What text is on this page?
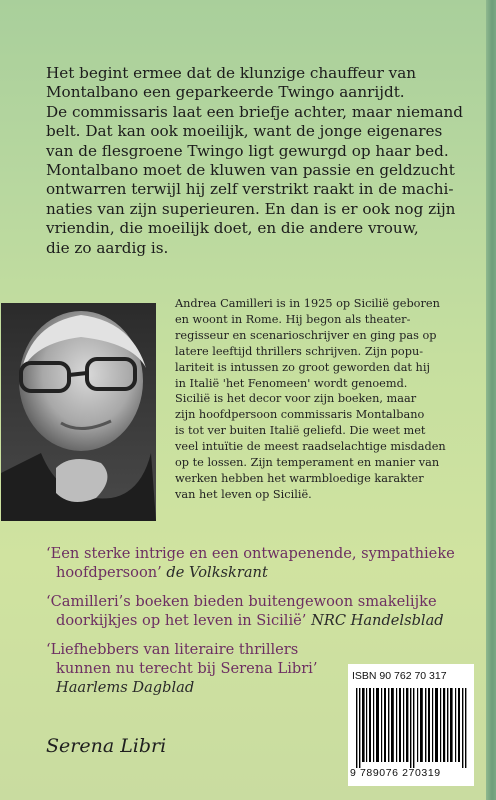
Het begint ermee dat de klunzige chauffeur van
Montalbano een geparkeerde Twingo aanrijdt.
De commissaris laat een briefje achter, maar niemand
belt. Dat kan ook moeilijk, want de jonge eigenares
van de flesgroene Twingo ligt gewurgd op haar bed.
Montalbano moet de kluwen van passie en geldzucht
ontwarren terwijl hij zelf verstrikt raakt in de machi-
naties van zijn superieuren. En dan is er ook nog zijn
vriendin, die moeilijk doet, en die andere vrouw,
die zo aardig is.
Andrea Camilleri is in 1925 op Sicilië geboren
en woont in Rome. Hij begon als theater-
regisseur en scenarioschrijver en ging pas op
latere leeftijd thrillers schrijven. Zijn popu-
lariteit is intussen zo groot geworden dat hij
in Italië 'het Fenomeen' wordt genoemd.
Sicilië is het decor voor zijn boeken, maar
zijn hoofdpersoon commissaris Montalbano
is tot ver buiten Italië geliefd. Die weet met
veel intuïtie de meest raadselachtige misdaden
op te lossen. Zijn temperament en manier van
werken hebben het warmbloedige karakter
van het leven op Sicilië.
‘Een sterke intrige en een ontwapenende, sympathieke
hoofdpersoon’ de Volkskrant
‘Camilleri’s boeken bieden buitengewoon smakelijke
doorkijkjes op het leven in Sicilië’ NRC Handelsblad
‘Liefhebbers van literaire thrillers
kunnen nu terecht bij Serena Libri’
Haarlems Dagblad
Serena Libri
ISBN 90 762 70 317
9 789076 270319
